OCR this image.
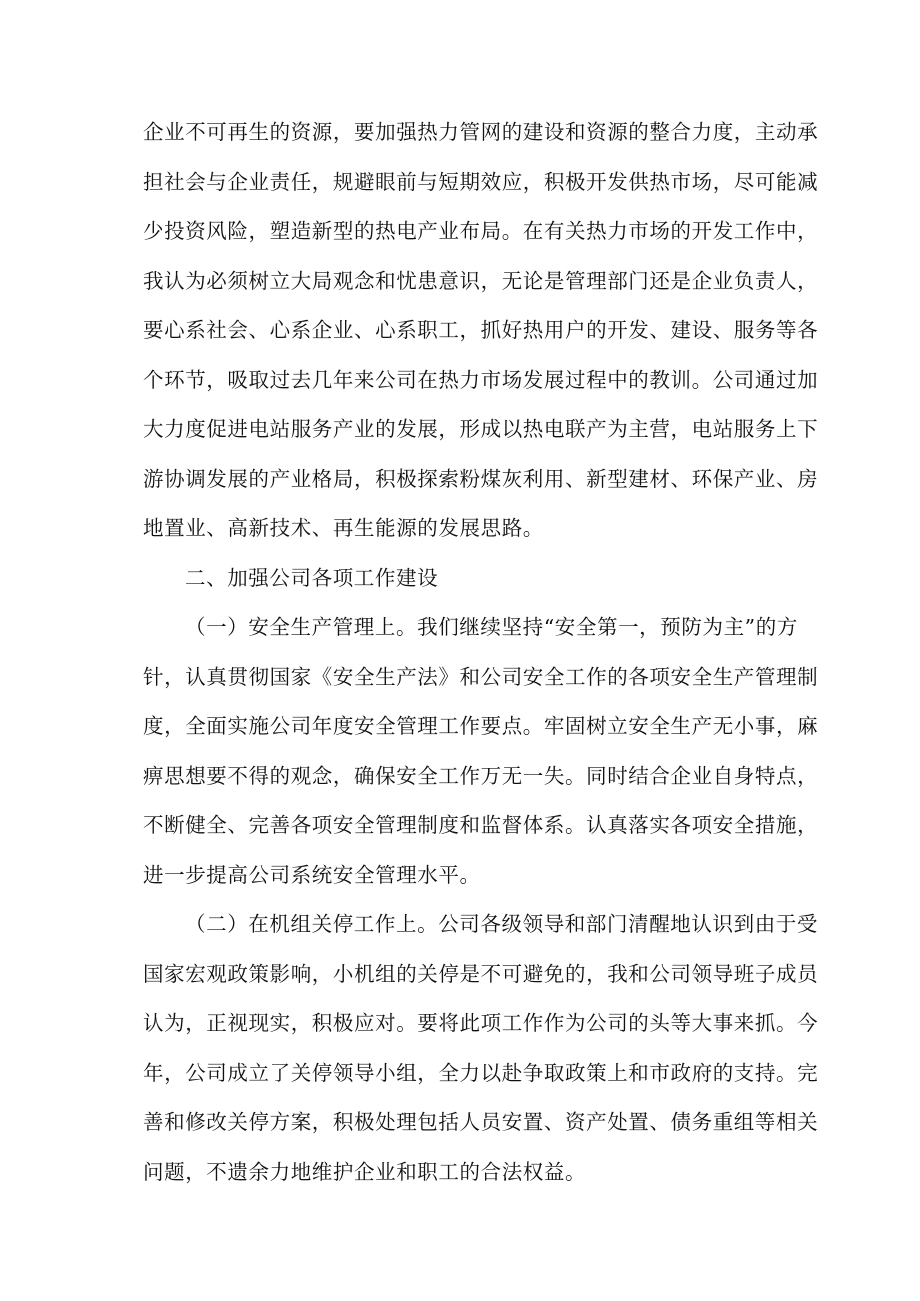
企业不可再生的资源，要加强热力管网的建设和资源的整合力度，主动承
担社会与企业责任，规避眼前与短期效应，积极开发供热市场，尽可能减
少投资风险，塑造新型的热电产业布局。在有关热力市场的开发工作中，
我认为必须树立大局观念和忧患意识，无论是管理部门还是企业负责人，
要心系社会、心系企业、心系职工，抓好热用户的开发、建设、服务等各
个环节，吸取过去几年来公司在热力市场发展过程中的教训。公司通过加
大力度促进电站服务产业的发展，形成以热电联产为主营，电站服务上下
游协调发展的产业格局，积极探索粉煤灰利用、新型建材、环保产业、房
地置业、高新技术、再生能源的发展思路。
二、加强公司各项工作建设
（一）安全生产管理上。我们继续坚持“安全第一，预防为主”的方
针，认真贯彻国家《安全生产法》和公司安全工作的各项安全生产管理制
度，全面实施公司年度安全管理工作要点。牢固树立安全生产无小事，麻
痹思想要不得的观念，确保安全工作万无一失。同时结合企业自身特点，
不断健全、完善各项安全管理制度和监督体系。认真落实各项安全措施，
进一步提高公司系统安全管理水平。
（二）在机组关停工作上。公司各级领导和部门清醒地认识到由于受
国家宏观政策影响，小机组的关停是不可避免的，我和公司领导班子成员
认为，正视现实，积极应对。要将此项工作作为公司的头等大事来抓。今
年，公司成立了关停领导小组，全力以赴争取政策上和市政府的支持。完
善和修改关停方案，积极处理包括人员安置、资产处置、债务重组等相关
问题，不遗余力地维护企业和职工的合法权益。
